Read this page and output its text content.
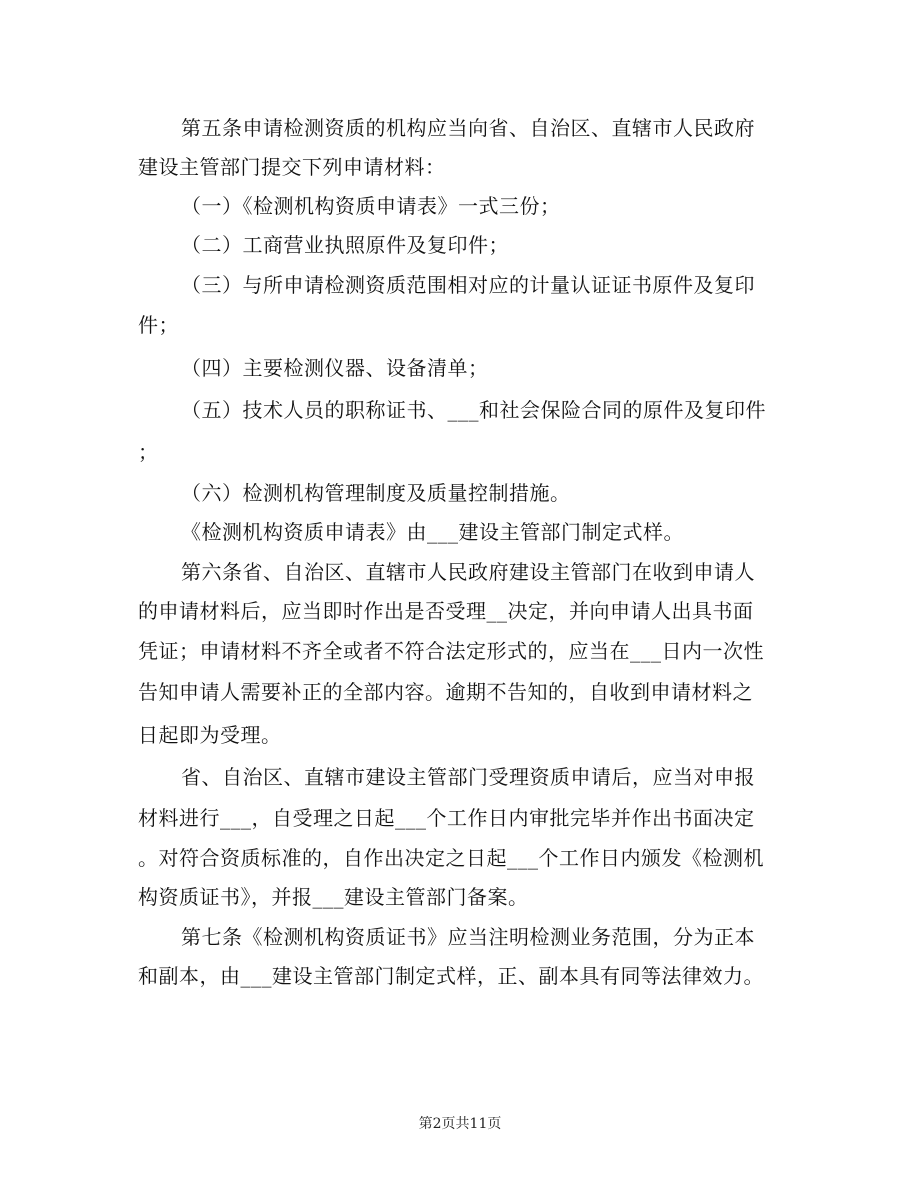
第五条申请检测资质的机构应当向省、自治区、直辖市人民政府
建设主管部门提交下列申请材料：
（一）《检测机构资质申请表》一式三份；
（二）工商营业执照原件及复印件；
（三）与所申请检测资质范围相对应的计量认证证书原件及复印
件；
（四）主要检测仪器、设备清单；
（五）技术人员的职称证书、___和社会保险合同的原件及复印件
；
（六）检测机构管理制度及质量控制措施。
《检测机构资质申请表》由___建设主管部门制定式样。
第六条省、自治区、直辖市人民政府建设主管部门在收到申请人
的申请材料后，应当即时作出是否受理__决定，并向申请人出具书面
凭证；申请材料不齐全或者不符合法定形式的，应当在___日内一次性
告知申请人需要补正的全部内容。逾期不告知的，自收到申请材料之
日起即为受理。
省、自治区、直辖市建设主管部门受理资质申请后，应当对申报
材料进行___，自受理之日起___个工作日内审批完毕并作出书面决定
。对符合资质标准的，自作出决定之日起___个工作日内颁发《检测机
构资质证书》，并报___建设主管部门备案。
第七条《检测机构资质证书》应当注明检测业务范围，分为正本
和副本，由___建设主管部门制定式样，正、副本具有同等法律效力。
第2页共11页
